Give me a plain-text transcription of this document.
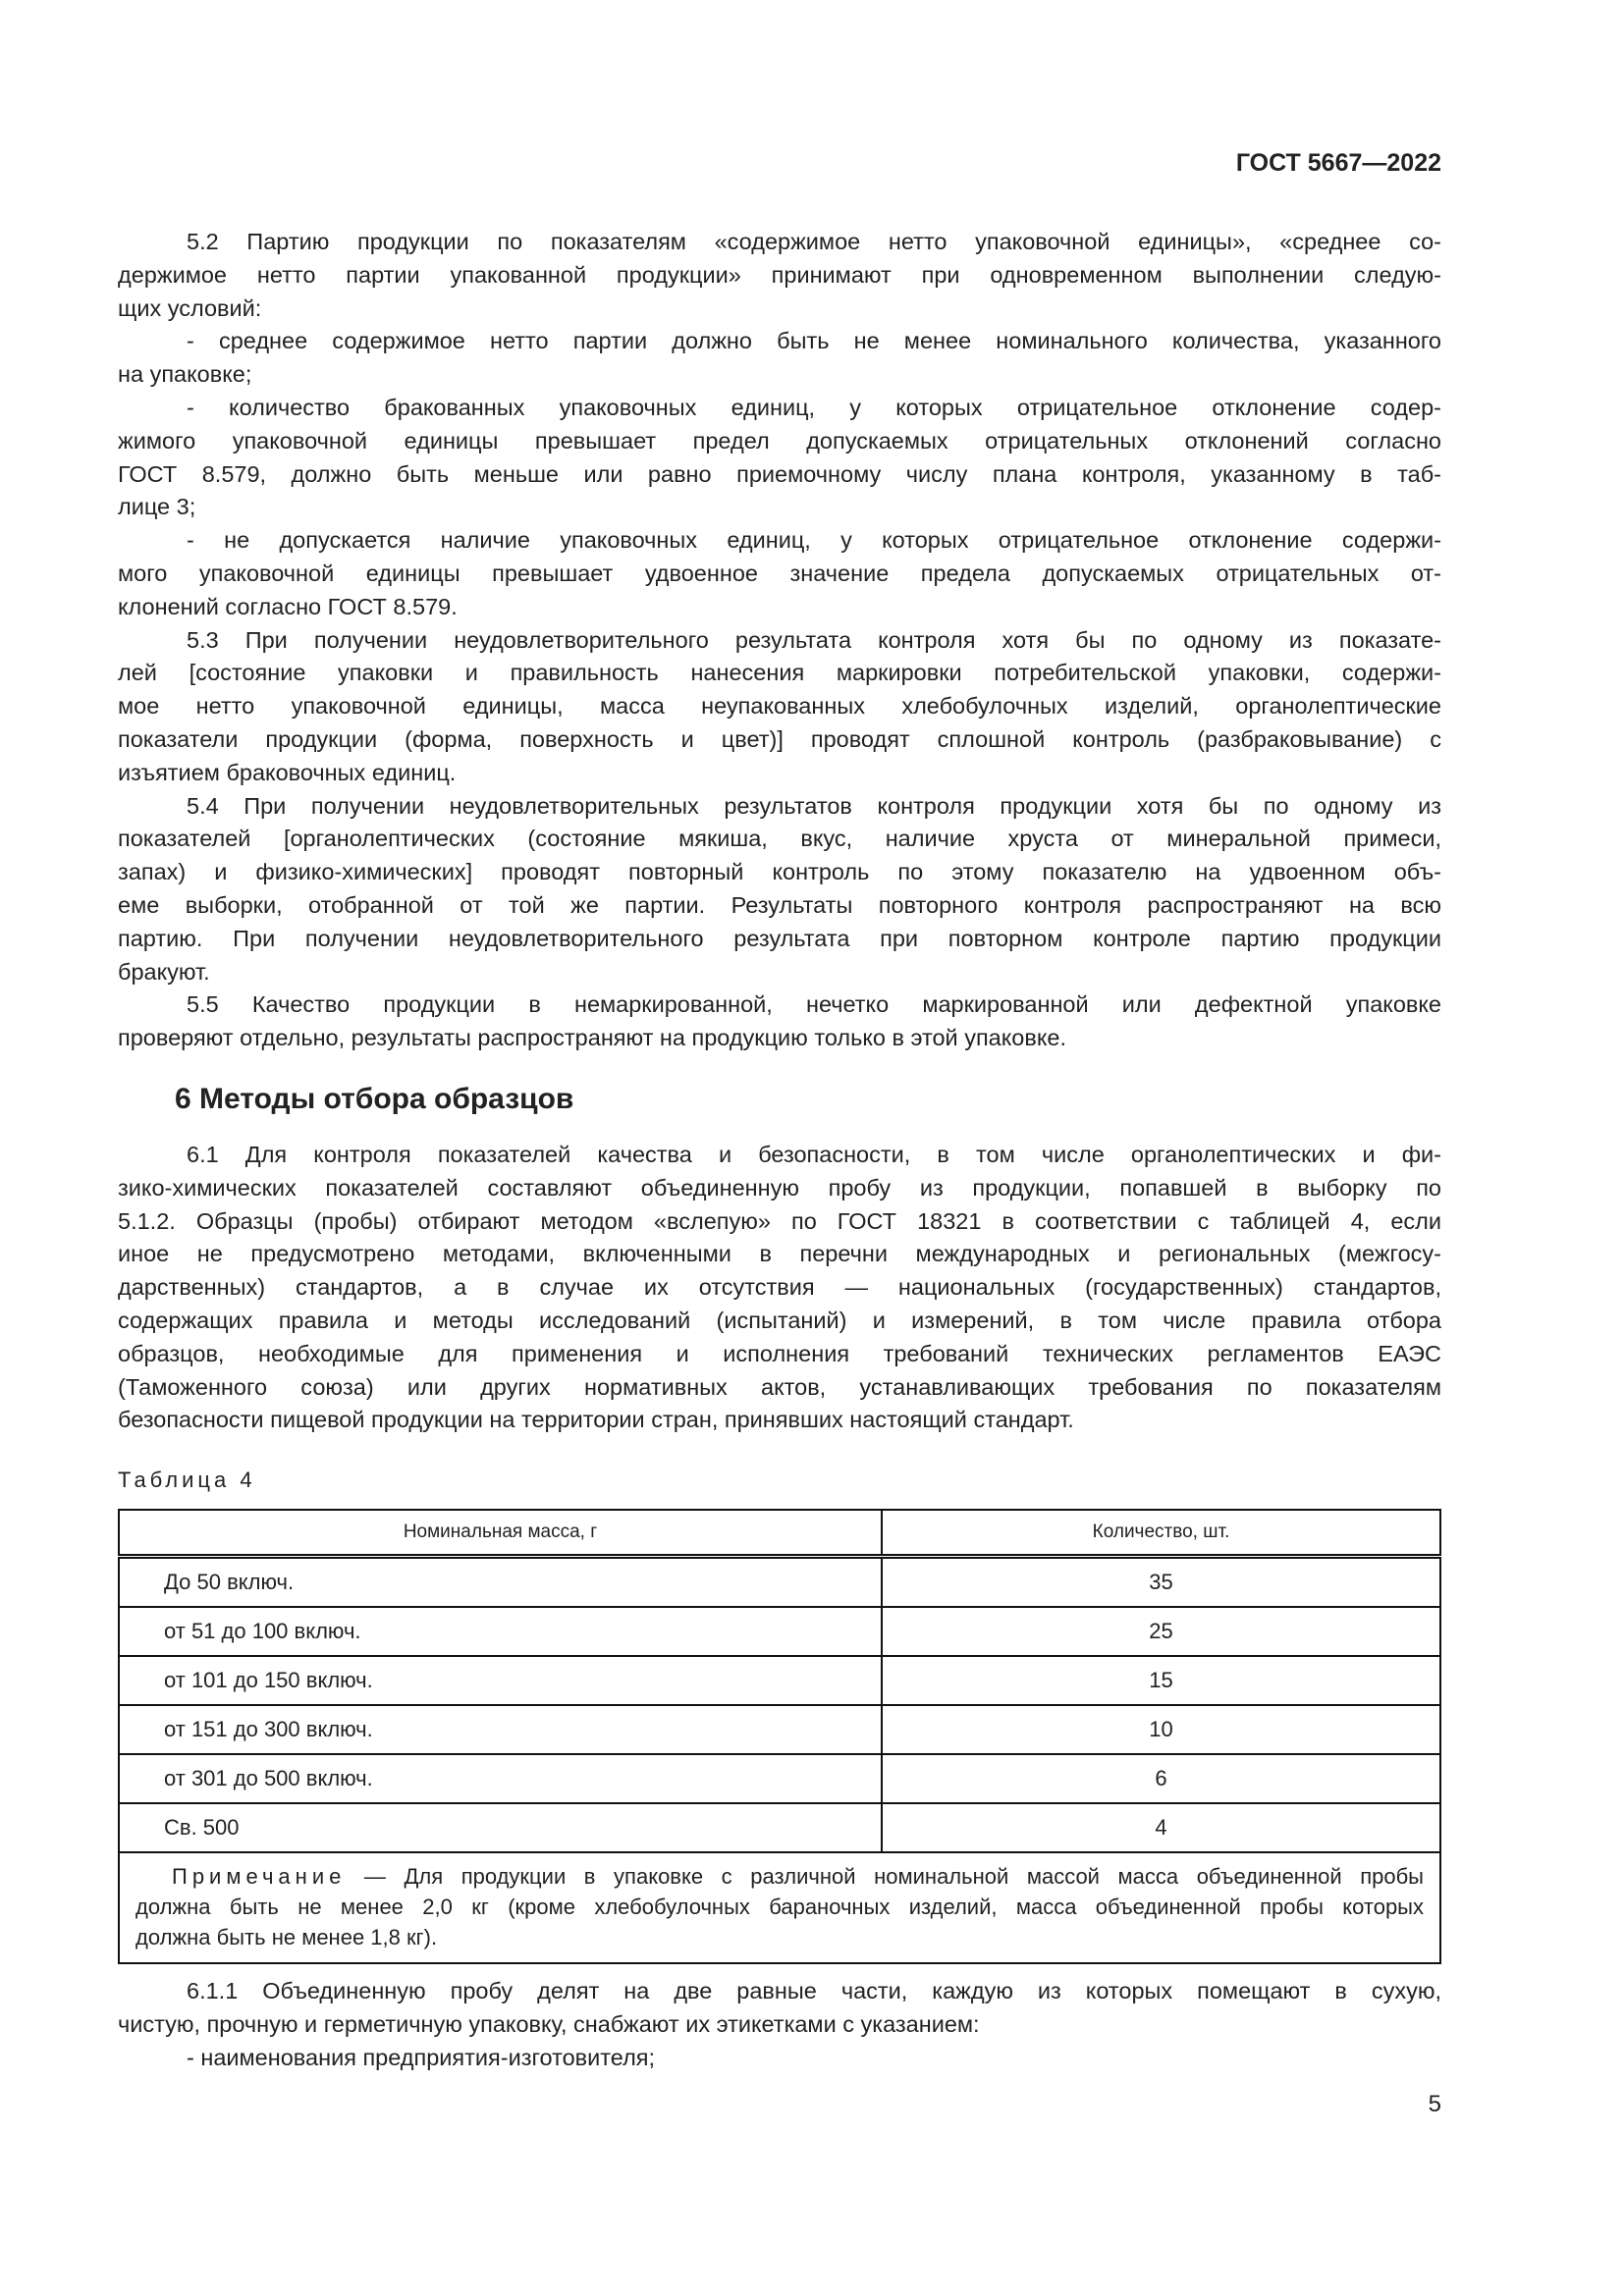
ГОСТ 5667—2022
5.2 Партию продукции по показателям «содержимое нетто упаковочной единицы», «среднее со-
держимое нетто партии упакованной продукции» принимают при одновременном выполнении следую-
щих условий:
- среднее содержимое нетто партии должно быть не менее номинального количества, указанного
на упаковке;
- количество бракованных упаковочных единиц, у которых отрицательное отклонение содер-
жимого упаковочной единицы превышает предел допускаемых отрицательных отклонений согласно
ГОСТ 8.579, должно быть меньше или равно приемочному числу плана контроля, указанному в таб-
лице 3;
- не допускается наличие упаковочных единиц, у которых отрицательное отклонение содержи-
мого упаковочной единицы превышает удвоенное значение предела допускаемых отрицательных от-
клонений согласно ГОСТ 8.579.
5.3 При получении неудовлетворительного результата контроля хотя бы по одному из показате-
лей [состояние упаковки и правильность нанесения маркировки потребительской упаковки, содержи-
мое нетто упаковочной единицы, масса неупакованных хлебобулочных изделий, органолептические
показатели продукции (форма, поверхность и цвет)] проводят сплошной контроль (разбраковывание) с
изъятием браковочных единиц.
5.4 При получении неудовлетворительных результатов контроля продукции хотя бы по одному из
показателей [органолептических (состояние мякиша, вкус, наличие хруста от минеральной примеси,
запах) и физико-химических] проводят повторный контроль по этому показателю на удвоенном объ-
еме выборки, отобранной от той же партии. Результаты повторного контроля распространяют на всю
партию. При получении неудовлетворительного результата при повторном контроле партию продукции
бракуют.
5.5 Качество продукции в немаркированной, нечетко маркированной или дефектной упаковке
проверяют отдельно, результаты распространяют на продукцию только в этой упаковке.
6 Методы отбора образцов
6.1 Для контроля показателей качества и безопасности, в том числе органолептических и фи-
зико-химических показателей составляют объединенную пробу из продукции, попавшей в выборку по
5.1.2. Образцы (пробы) отбирают методом «вслепую» по ГОСТ 18321 в соответствии с таблицей 4, если
иное не предусмотрено методами, включенными в перечни международных и региональных (межгосу-
дарственных) стандартов, а в случае их отсутствия — национальных (государственных) стандартов,
содержащих правила и методы исследований (испытаний) и измерений, в том числе правила отбора
образцов, необходимые для применения и исполнения требований технических регламентов ЕАЭС
(Таможенного союза) или других нормативных актов, устанавливающих требования по показателям
безопасности пищевой продукции на территории стран, принявших настоящий стандарт.
Таблица 4
Номинальная масса, г	Количество, шт.
До 50 включ.	35
от 51 до 100 включ.	25
от 101 до 150 включ.	15
от 151 до 300 включ.	10
от 301 до 500 включ.	6
Св. 500	4

Примечание — Для продукции в упаковке с различной номинальной массой масса объединенной пробы
должна быть не менее 2,0 кг (кроме хлебобулочных бараночных изделий, масса объединенной пробы которых
должна быть не менее 1,8 кг).	
6.1.1 Объединенную пробу делят на две равные части, каждую из которых помещают в сухую,
чистую, прочную и герметичную упаковку, снабжают их этикетками с указанием:
- наименования предприятия-изготовителя;
5
